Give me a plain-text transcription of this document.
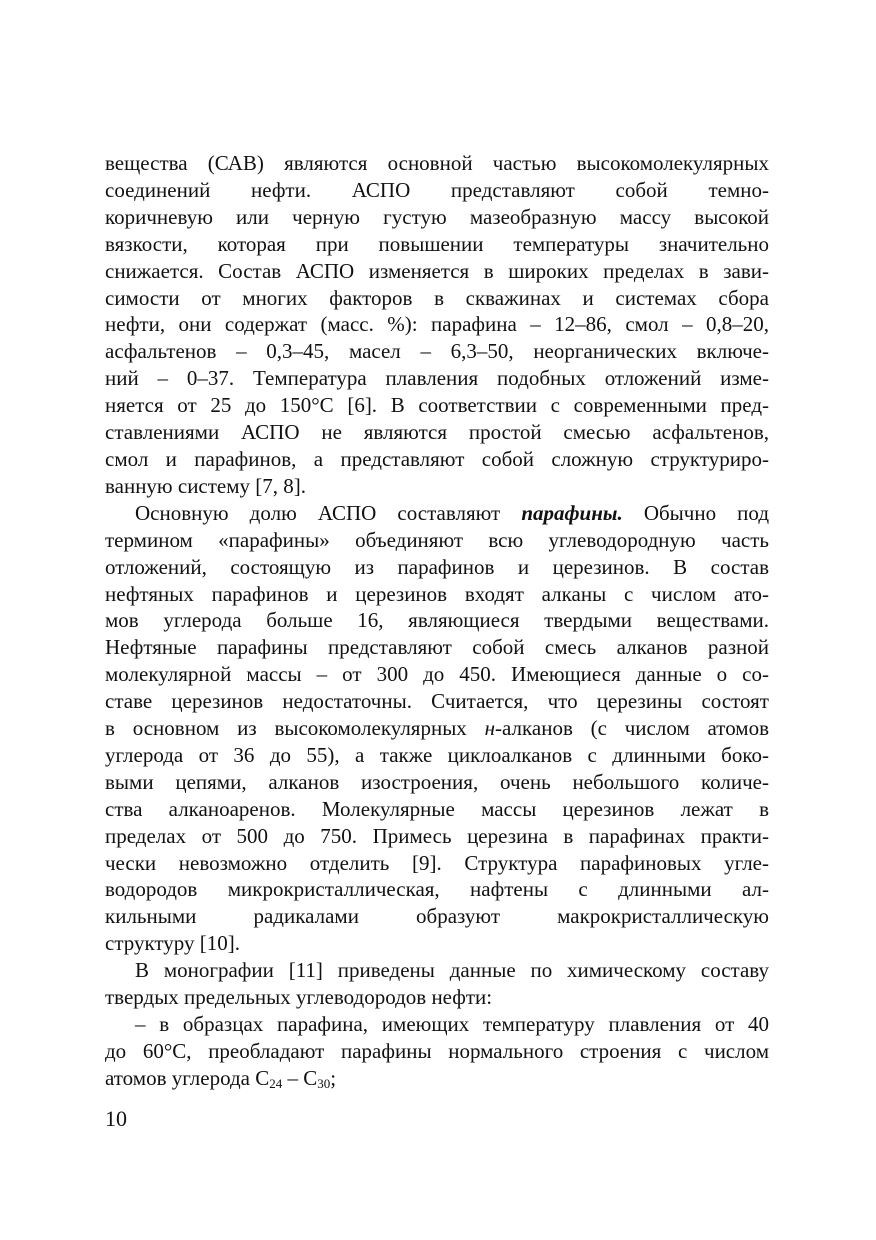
вещества (САВ) являются основной частью высокомолекулярных
соединений нефти. АСПО представляют собой темно-
коричневую или черную густую мазеобразную массу высокой
вязкости, которая при повышении температуры значительно
снижается. Состав АСПО изменяется в широких пределах в зави-
симости от многих факторов в скважинах и системах сбора
нефти, они содержат (масс. %): парафина – 12–86, смол – 0,8–20,
асфальтенов – 0,3–45, масел – 6,3–50, неорганических включе-
ний – 0–37. Температура плавления подобных отложений изме-
няется от 25 до 150°С [6]. В соответствии с современными пред-
ставлениями АСПО не являются простой смесью асфальтенов,
смол и парафинов, а представляют собой сложную структуриро-
ванную систему [7, 8].

Основную долю АСПО составляют парафины. Обычно под
термином «парафины» объединяют всю углеводородную часть
отложений, состоящую из парафинов и церезинов. В состав
нефтяных парафинов и церезинов входят алканы с числом ато-
мов углерода больше 16, являющиеся твердыми веществами.
Нефтяные парафины представляют собой смесь алканов разной
молекулярной массы – от 300 до 450. Имеющиеся данные о со-
ставе церезинов недостаточны. Считается, что церезины состоят
в основном из высокомолекулярных н-алканов (с числом атомов
углерода от 36 до 55), а также циклоалканов с длинными боко-
выми цепями, алканов изостроения, очень небольшого количе-
ства алканоаренов. Молекулярные массы церезинов лежат в
пределах от 500 до 750. Примесь церезина в парафинах практи-
чески невозможно отделить [9]. Структура парафиновых угле-
водородов микрокристаллическая, нафтены с длинными ал-
кильными радикалами образуют макрокристаллическую
структуру [10].

В монографии [11] приведены данные по химическому составу
твердых предельных углеводородов нефти:

– в образцах парафина, имеющих температуру плавления от 40
до 60°С, преобладают парафины нормального строения с числом
атомов углерода $С_{24} - С_{30}$;

10
